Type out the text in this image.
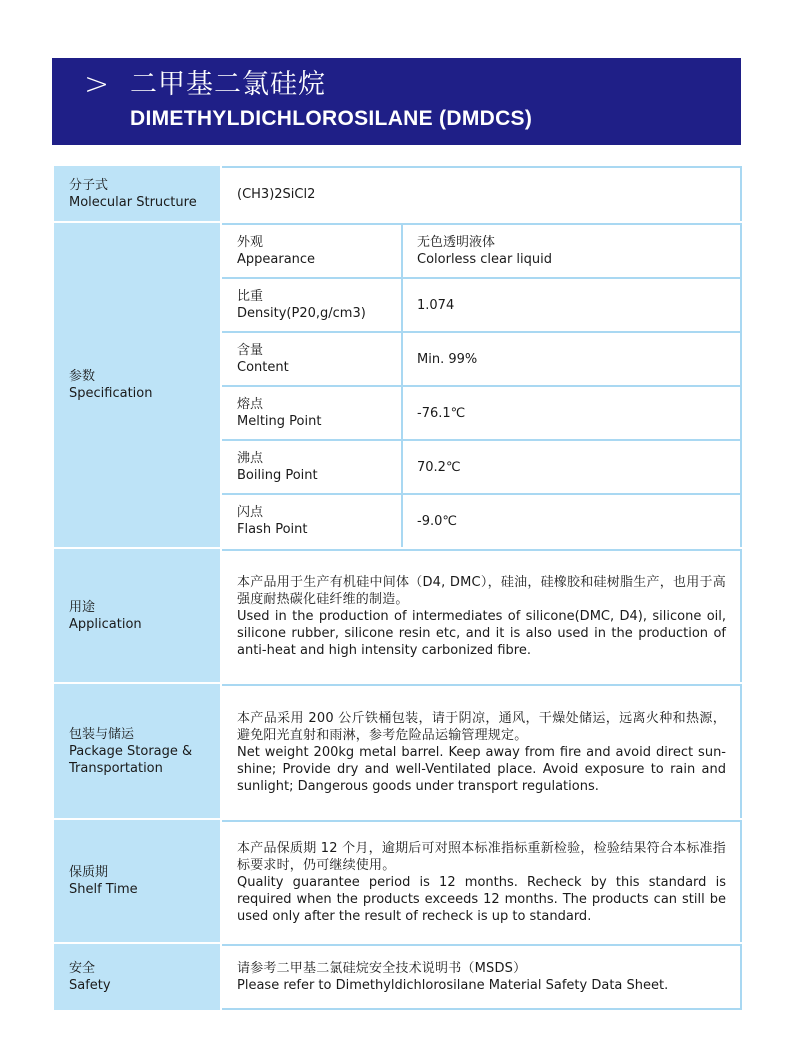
> 二甲基二氯硅烷
DIMETHYLDICHLOROSILANE (DMDCS)
分子式
Molecular Structure	(CH3)2SiCl2
参数
Specification
外观
Appearance
无色透明液体
Colorless clear liquid
比重
Density(P20,g/cm3)
1.074
含量
Content
Min. 99%
熔点
Melting Point
-76.1℃
沸点
Boiling Point
70.2℃
闪点
Flash Point
-9.0℃
用途
Application
本产品用于生产有机硅中间体（D4, DMC），硅油，硅橡胶和硅树脂生产，也用于高强度耐热碳化硅纤维的制造。
Used in the production of intermediates of silicone(DMC, D4), silicone oil, silicone rubber, silicone resin etc, and it is also used in the production of anti-heat and high intensity carbonized fibre.
包装与储运
Package Storage &
Transportation
本产品采用 200 公斤铁桶包装，请于阴凉，通风，干燥处储运，远离火种和热源，避免阳光直射和雨淋，参考危险品运输管理规定。
Net weight 200kg metal barrel. Keep away from fire and avoid direct sun-shine; Provide dry and well-Ventilated place. Avoid exposure to rain and sunlight; Dangerous goods under transport regulations.
保质期
Shelf Time
本产品保质期 12 个月，逾期后可对照本标准指标重新检验，检验结果符合本标准指标要求时，仍可继续使用。
Quality guarantee period is 12 months. Recheck by this standard is required when the products exceeds 12 months. The products can still be used only after the result of recheck is up to standard.
安全
Safety
请参考二甲基二氯硅烷安全技术说明书（MSDS）
Please refer to Dimethyldichlorosilane Material Safety Data Sheet.
